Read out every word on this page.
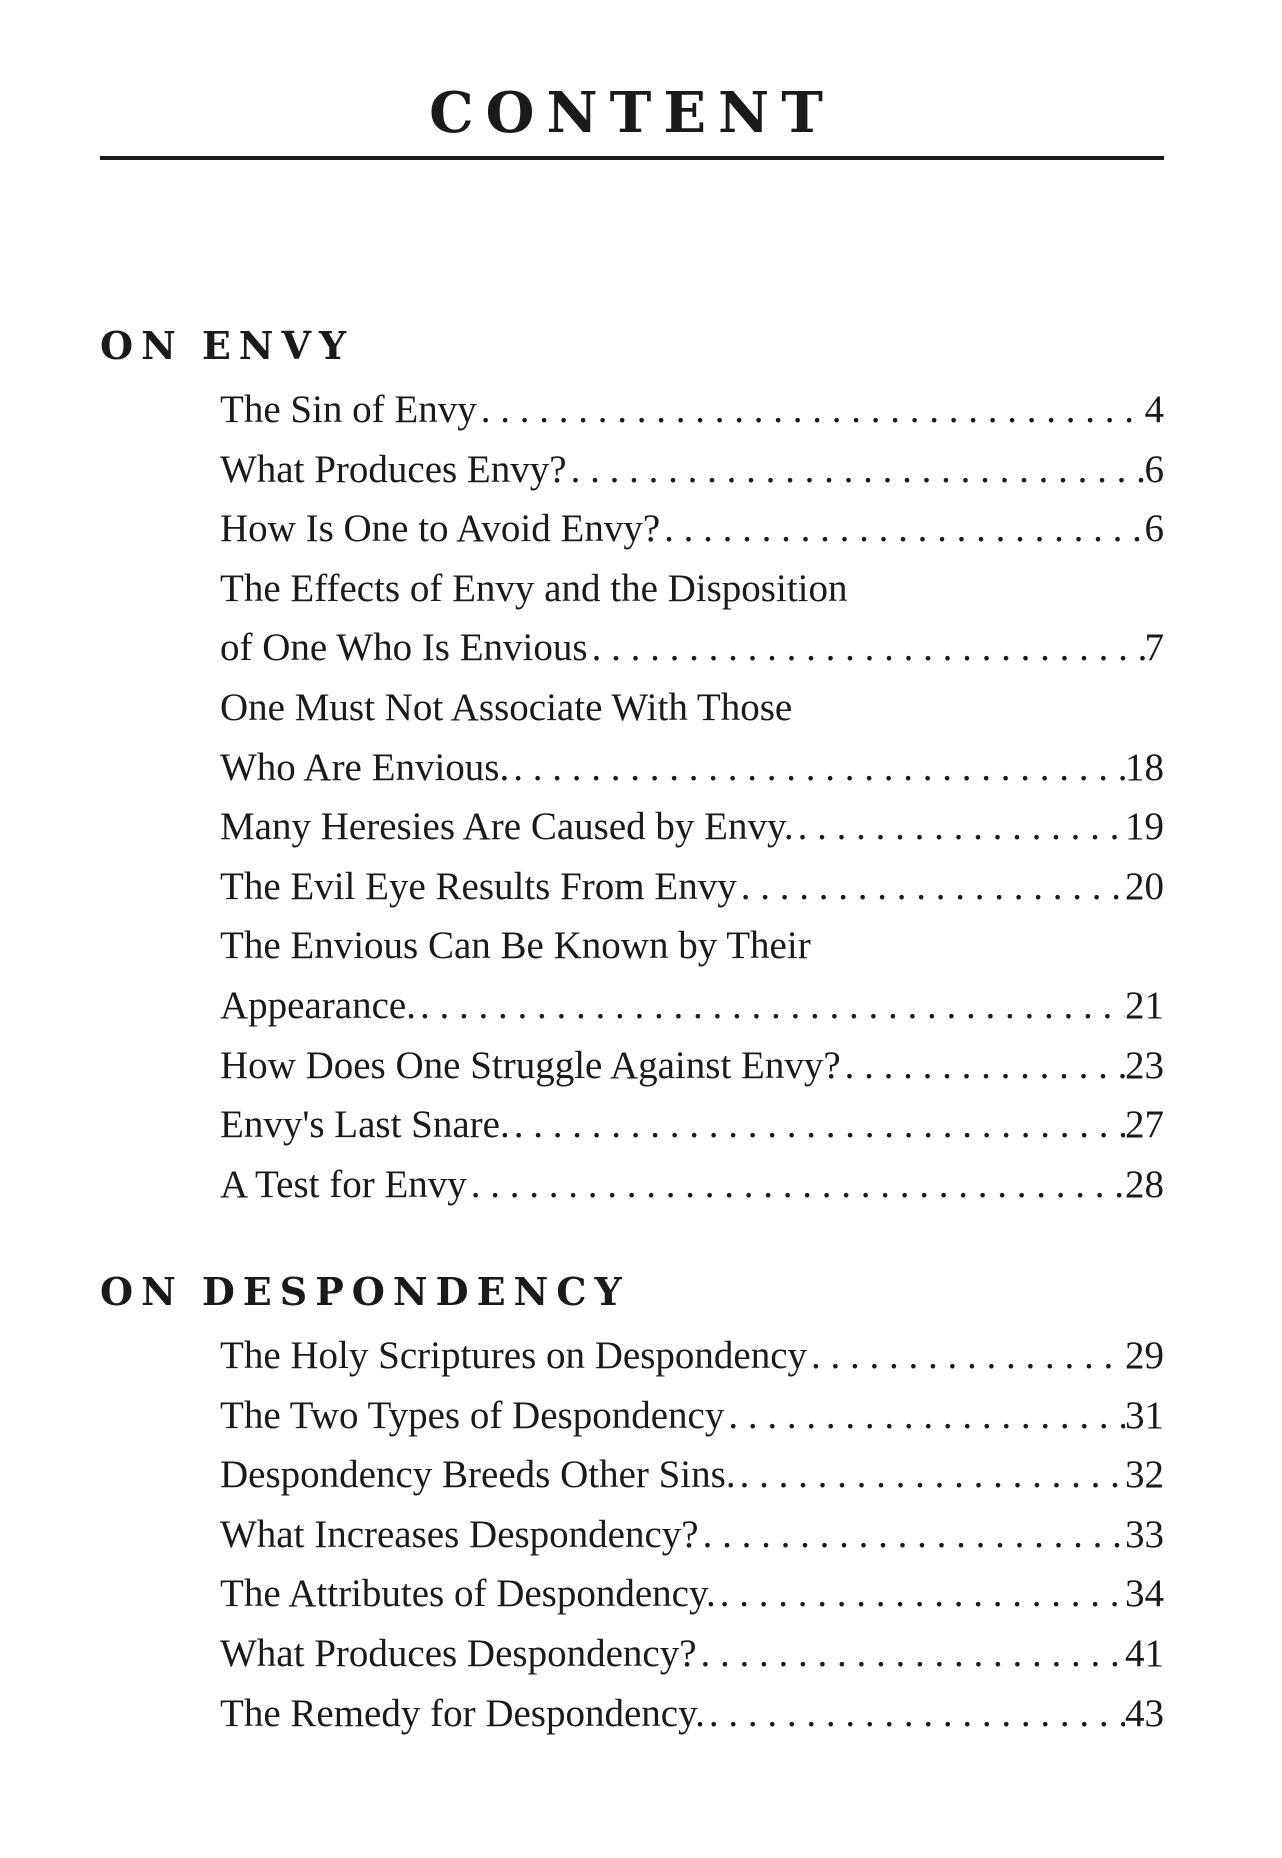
CONTENT
ON ENVY
The Sin of Envy . . .	4
What Produces Envy? . . .	6
How Is One to Avoid Envy? . . .	6
The Effects of Envy and the Disposition
of One Who Is Envious . . .	7
One Must Not Associate With Those
Who Are Envious. . . .	18
Many Heresies Are Caused by Envy. . . .	19
The Evil Eye Results From Envy . . .	20
The Envious Can Be Known by Their
Appearance. . . .	21
How Does One Struggle Against Envy? . . .	23
Envy's Last Snare. . . .	27
A Test for Envy . . .	28
ON DESPONDENCY
The Holy Scriptures on Despondency . . .	29
The Two Types of Despondency . . .	31
Despondency Breeds Other Sins. . . .	32
What Increases Despondency? . . .	33
The Attributes of Despondency. . . .	34
What Produces Despondency? . . .	41
The Remedy for Despondency. . . .	43
